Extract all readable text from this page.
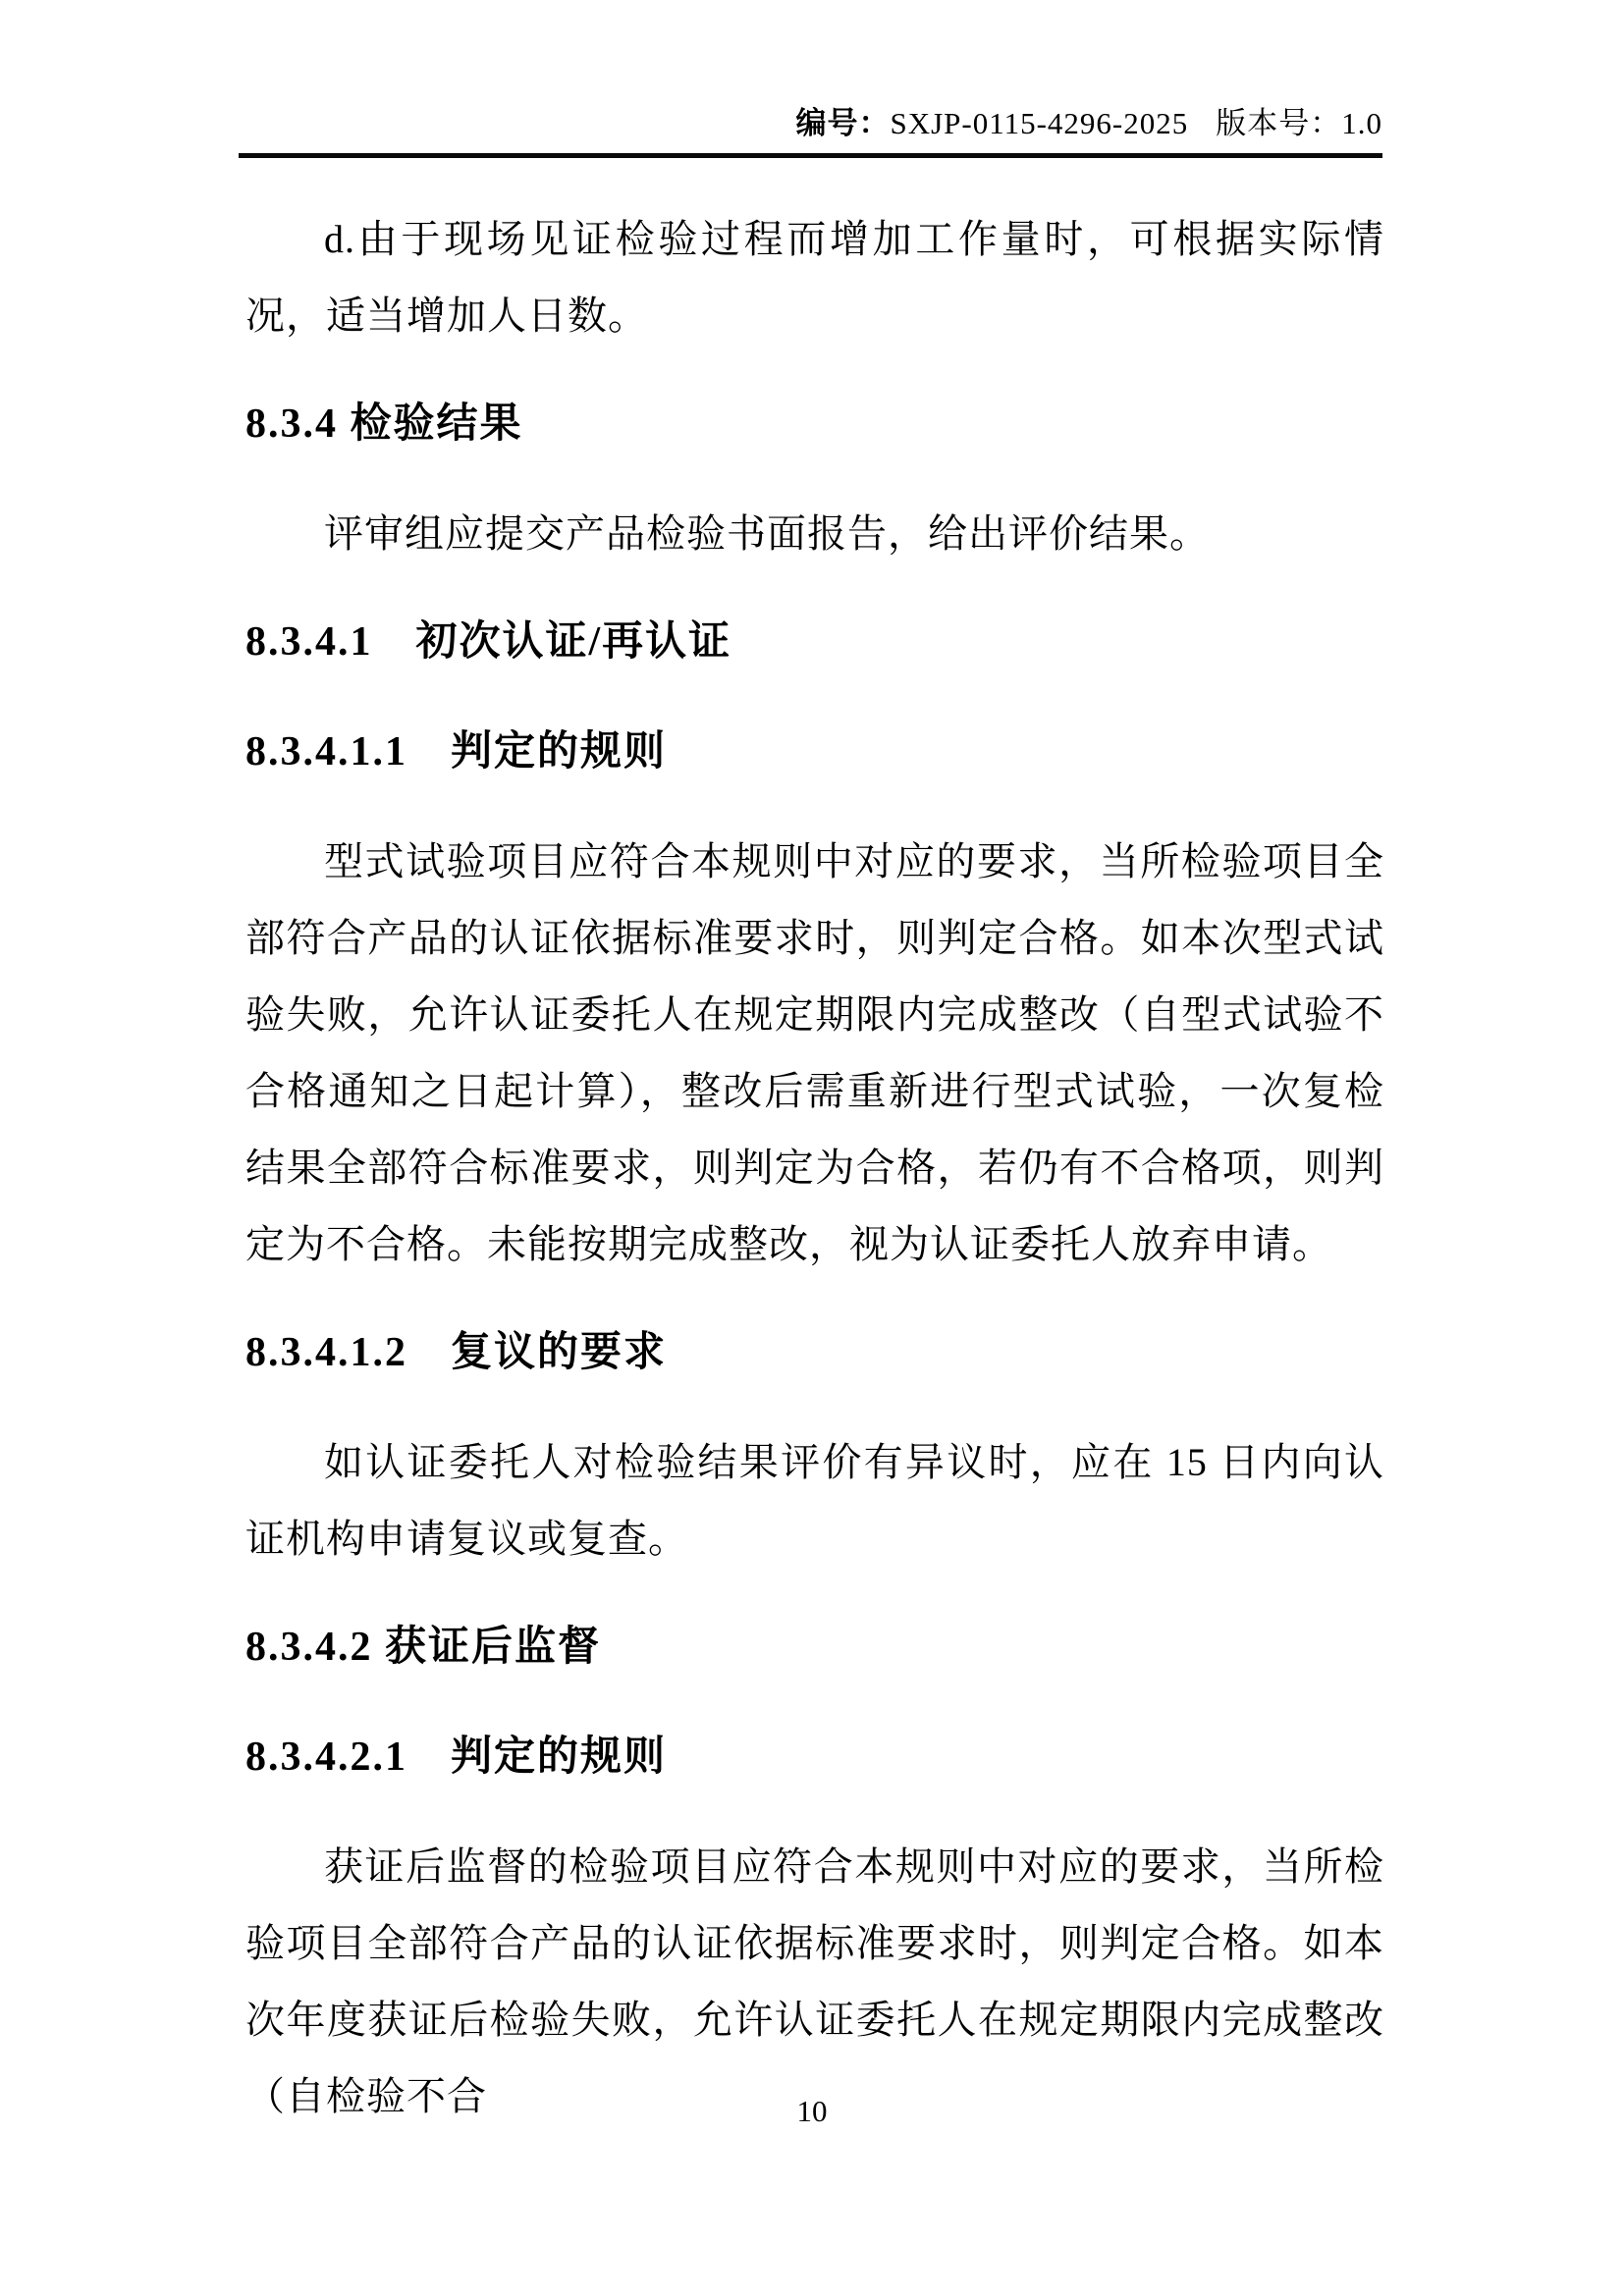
编号：SXJP-0115-4296-2025 版本号：1.0

d.由于现场见证检验过程而增加工作量时，可根据实际情况，适当增加人日数。

8.3.4 检验结果

评审组应提交产品检验书面报告，给出评价结果。

8.3.4.1　初次认证/再认证
8.3.4.1.1　判定的规则

型式试验项目应符合本规则中对应的要求，当所检验项目全部符合产品的认证依据标准要求时，则判定合格。如本次型式试验失败，允许认证委托人在规定期限内完成整改（自型式试验不合格通知之日起计算），整改后需重新进行型式试验，一次复检结果全部符合标准要求，则判定为合格，若仍有不合格项，则判定为不合格。未能按期完成整改，视为认证委托人放弃申请。

8.3.4.1.2　复议的要求

如认证委托人对检验结果评价有异议时，应在 15 日内向认证机构申请复议或复查。

8.3.4.2 获证后监督
8.3.4.2.1　判定的规则

获证后监督的检验项目应符合本规则中对应的要求，当所检验项目全部符合产品的认证依据标准要求时，则判定合格。如本次年度获证后检验失败，允许认证委托人在规定期限内完成整改（自检验不合	10
